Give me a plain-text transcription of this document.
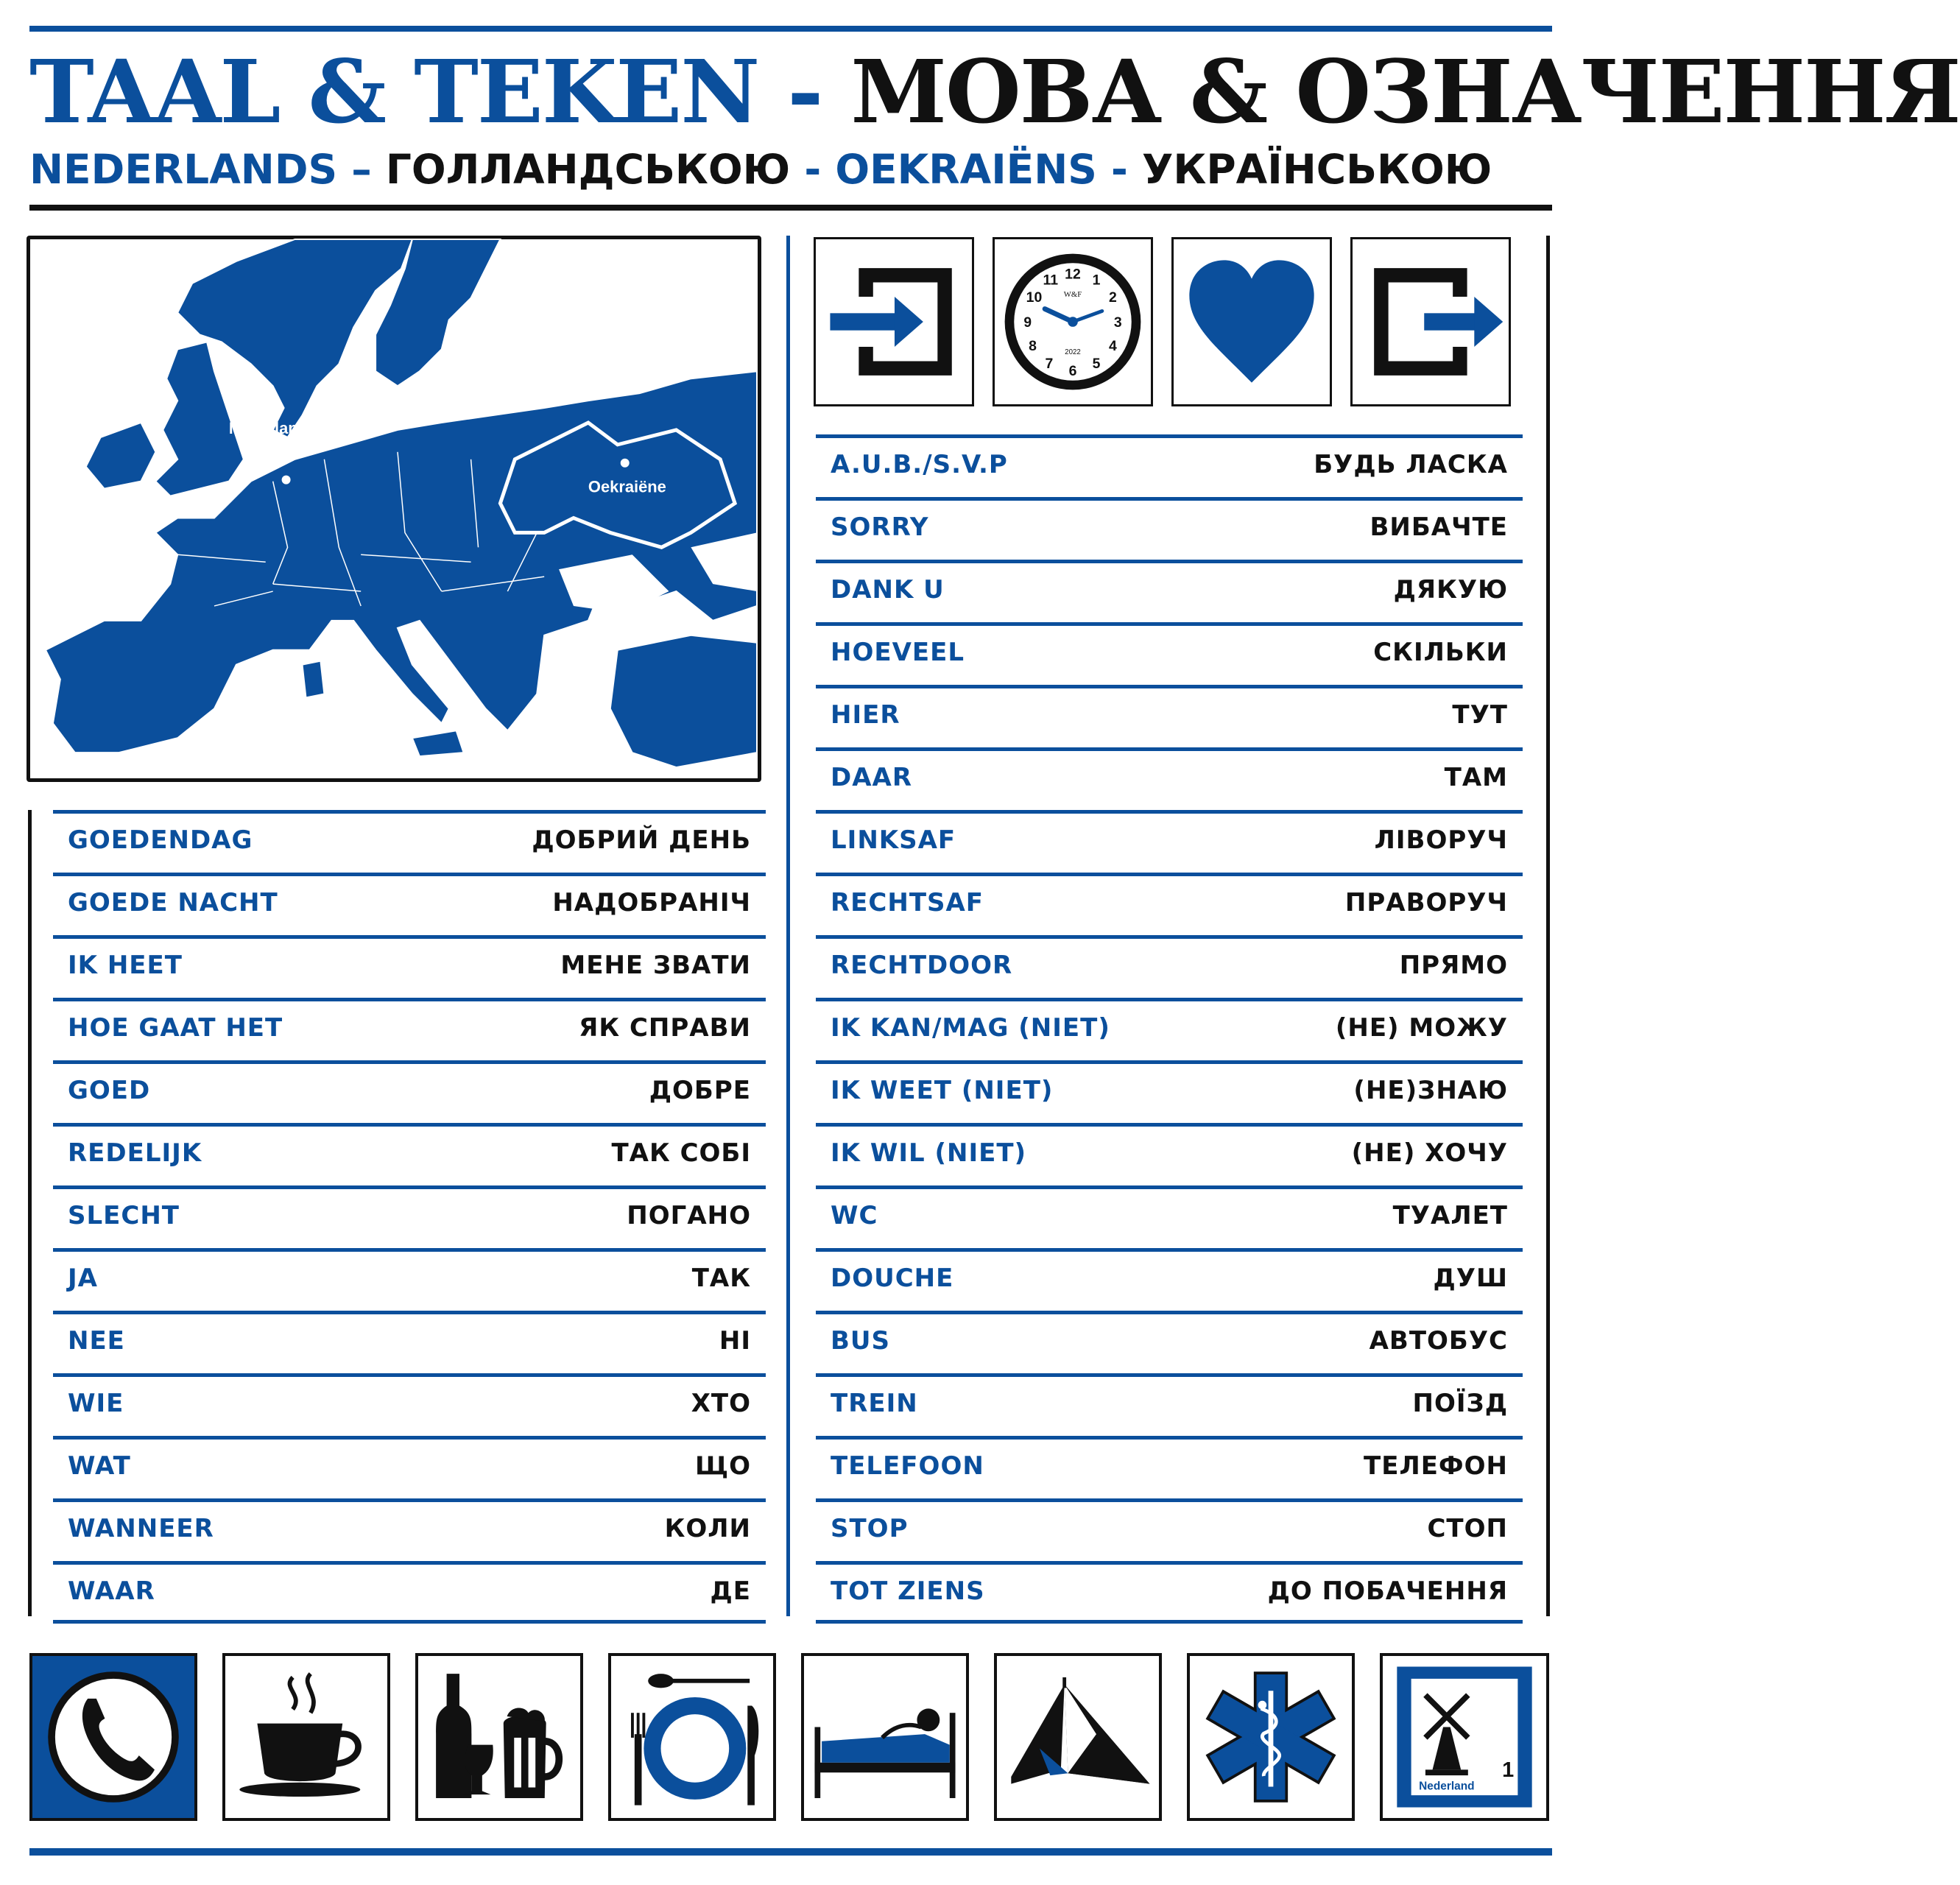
TAAL & TEKEN - МОВА & ОЗНАЧЕННЯ
NEDERLANDS – ГОЛЛАНДСЬКОЮ - OEKRAIËNS - УКРАЇНСЬКОЮ
Nederland
Oekraiëne
12 1
2
3
4
5
6
7
8
9
10
11
W&F
2022
GOEDENDAG	ДОБРИЙ ДЕНЬ
GOEDE NACHT	НАДОБРАНІЧ
IK HEET	МЕНЕ ЗВАТИ
HOE GAAT HET	ЯК СПРАВИ
GOED	ДОБРЕ
REDELIJK	ТАК СОБІ
SLECHT	ПОГАНО
JA	ТАК
NEE	НІ
WIE	ХТО
WAT	ЩО
WANNEER	КОЛИ
WAAR	ДЕ
A.U.B./S.V.P	БУДЬ ЛАСКА
SORRY	ВИБАЧТЕ
DANK U	ДЯКУЮ
HOEVEEL	СКІЛЬКИ
HIER	ТУТ
DAAR	ТАМ
LINKSAF	ЛІВОРУЧ
RECHTSAF	ПРАВОРУЧ
RECHTDOOR	ПРЯМО
IK KAN/MAG (NIET)	(НЕ) МОЖУ
IK WEET (NIET)	(НЕ)ЗНАЮ
IK WIL (NIET)	(НЕ) ХОЧУ
WC	ТУАЛЕТ
DOUCHE	ДУШ
BUS	АВТОБУС
TREIN	ПОЇЗД
TELEFOON	ТЕЛЕФОН
STOP	СТОП
TOT ZIENS	ДО ПОБАЧЕННЯ
Nederland
1
